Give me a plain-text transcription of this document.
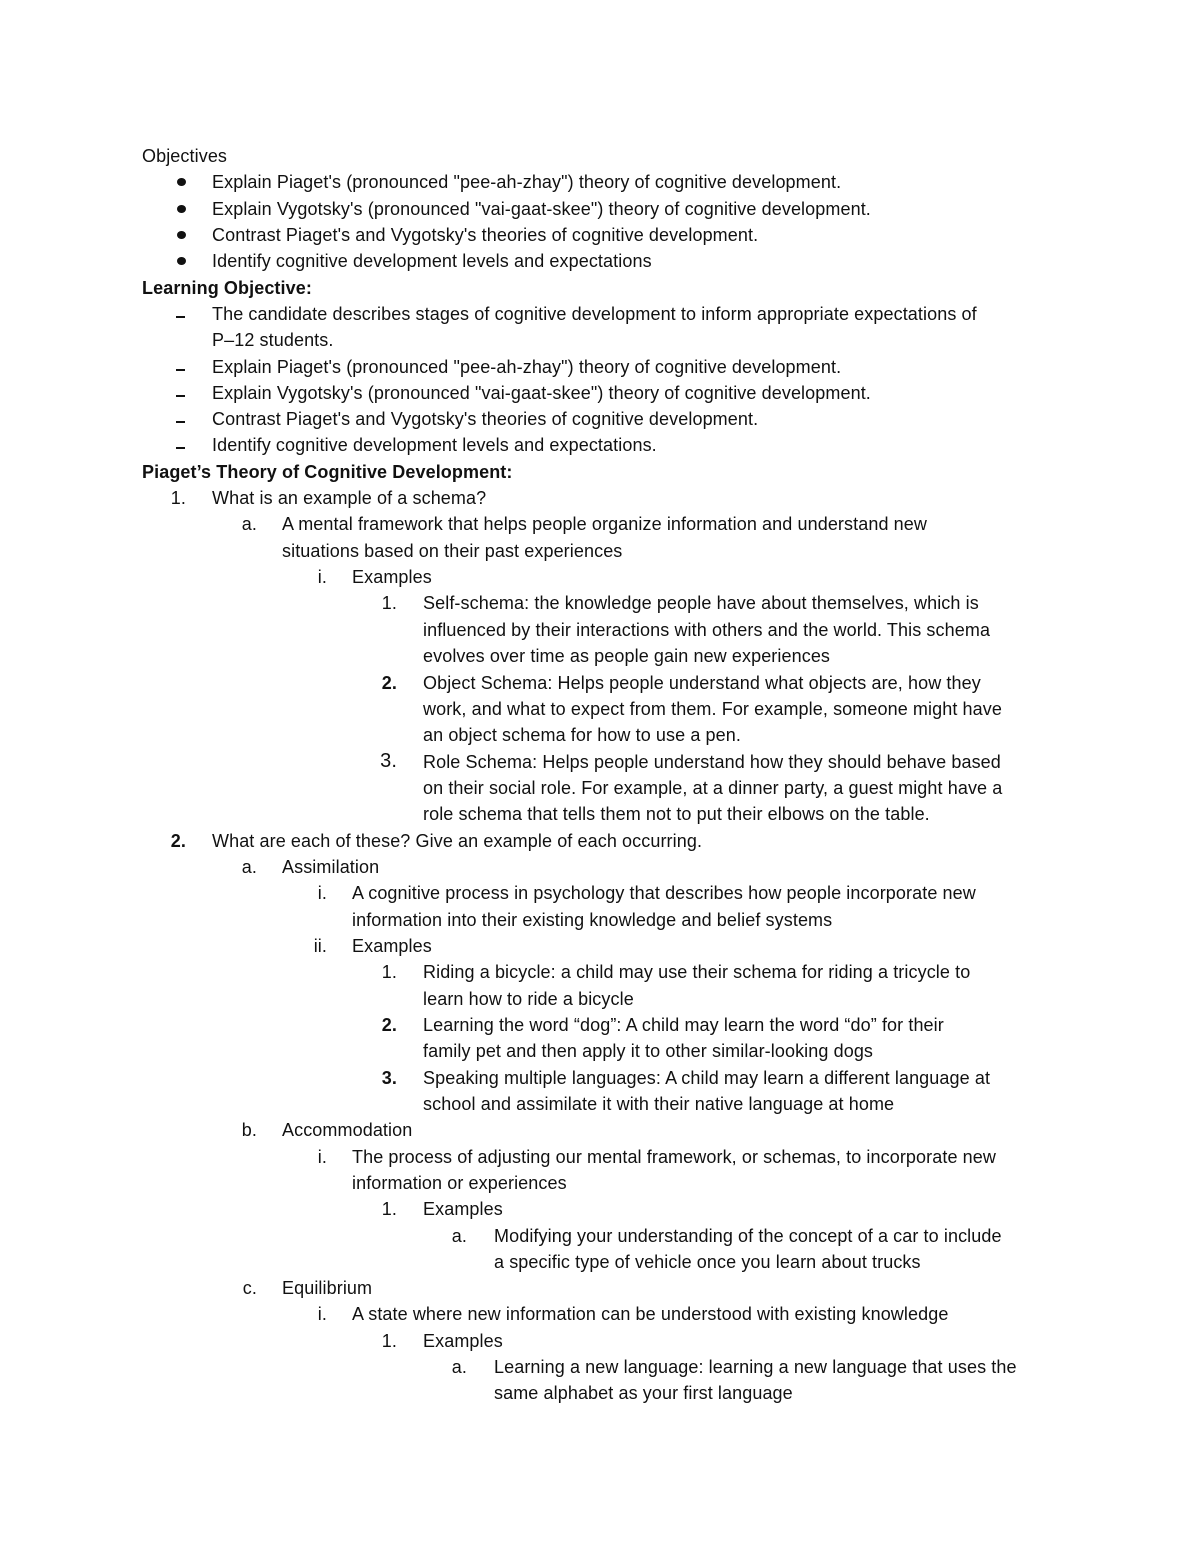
Objectives
Explain Piaget's (pronounced "pee-ah-zhay") theory of cognitive development.
Explain Vygotsky's (pronounced "vai-gaat-skee") theory of cognitive development.
Contrast Piaget's and Vygotsky's theories of cognitive development.
Identify cognitive development levels and expectations
Learning Objective:
The candidate describes stages of cognitive development to inform appropriate expectations of
P–12 students.
Explain Piaget's (pronounced "pee-ah-zhay") theory of cognitive development.
Explain Vygotsky's (pronounced "vai-gaat-skee") theory of cognitive development.
Contrast Piaget's and Vygotsky's theories of cognitive development.
Identify cognitive development levels and expectations.
Piaget’s Theory of Cognitive Development:
1. What is an example of a schema?
a. A mental framework that helps people organize information and understand new
situations based on their past experiences
i. Examples
1. Self-schema: the knowledge people have about themselves, which is
influenced by their interactions with others and the world. This schema
evolves over time as people gain new experiences
2. Object Schema: Helps people understand what objects are, how they
work, and what to expect from them. For example, someone might have
an object schema for how to use a pen.
3. Role Schema: Helps people understand how they should behave based
on their social role. For example, at a dinner party, a guest might have a
role schema that tells them not to put their elbows on the table.
2. What are each of these? Give an example of each occurring.
a. Assimilation
i. A cognitive process in psychology that describes how people incorporate new
information into their existing knowledge and belief systems
ii. Examples
1. Riding a bicycle: a child may use their schema for riding a tricycle to
learn how to ride a bicycle
2. Learning the word “dog”: A child may learn the word “do” for their
family pet and then apply it to other similar-looking dogs
3. Speaking multiple languages: A child may learn a different language at
school and assimilate it with their native language at home
b. Accommodation
i. The process of adjusting our mental framework, or schemas, to incorporate new
information or experiences
1. Examples
a. Modifying your understanding of the concept of a car to include
a specific type of vehicle once you learn about trucks
c. Equilibrium
i. A state where new information can be understood with existing knowledge
1. Examples
a. Learning a new language: learning a new language that uses the
same alphabet as your first language
